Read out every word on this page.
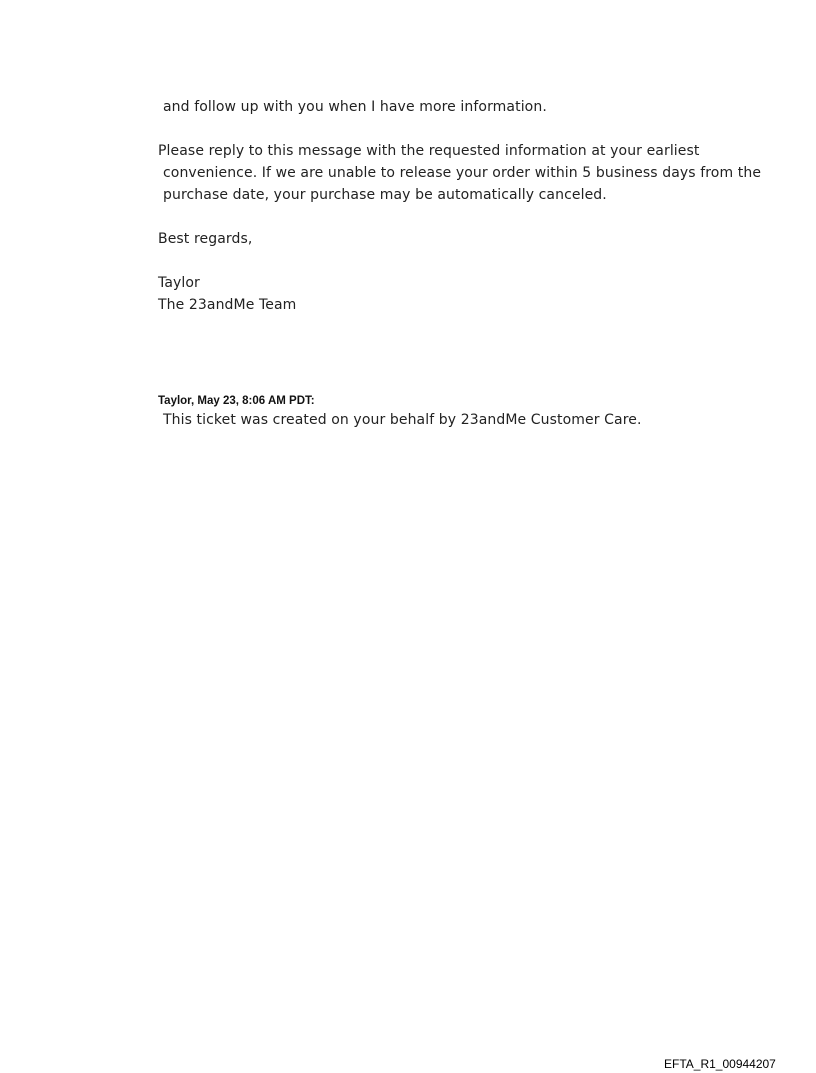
and follow up with you when I have more information.
Please reply to this message with the requested information at your earliest
convenience. If we are unable to release your order within 5 business days from the
purchase date, your purchase may be automatically canceled.
Best regards,
Taylor
The 23andMe Team
Taylor, May 23, 8:06 AM PDT:
This ticket was created on your behalf by 23andMe Customer Care.
EFTA_R1_00944207
